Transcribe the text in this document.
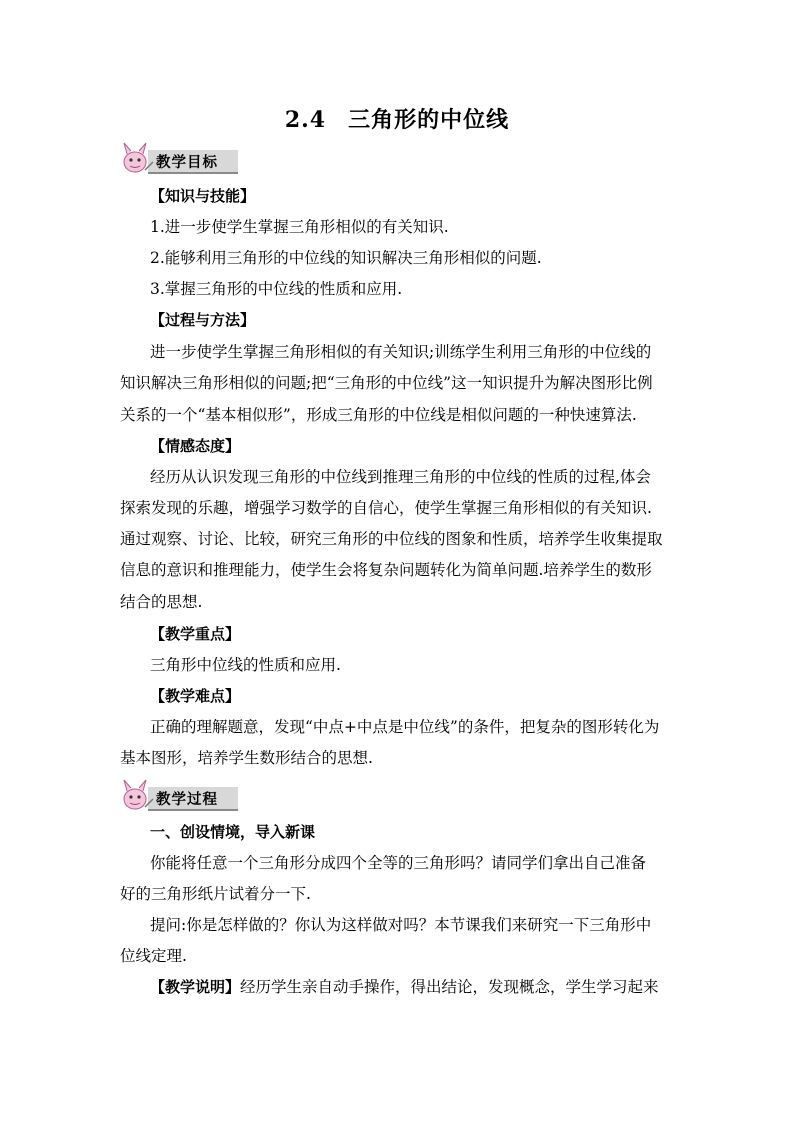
2.4 三角形的中位线
教学目标
【知识与技能】
1.进一步使学生掌握三角形相似的有关知识.
2.能够利用三角形的中位线的知识解决三角形相似的问题.
3.掌握三角形的中位线的性质和应用.
【过程与方法】
进一步使学生掌握三角形相似的有关知识;训练学生利用三角形的中位线的
知识解决三角形相似的问题;把“三角形的中位线”这一知识提升为解决图形比例
关系的一个“基本相似形”，形成三角形的中位线是相似问题的一种快速算法.
【情感态度】
经历从认识发现三角形的中位线到推理三角形的中位线的性质的过程,体会
探索发现的乐趣，增强学习数学的自信心，使学生掌握三角形相似的有关知识.
通过观察、讨论、比较，研究三角形的中位线的图象和性质，培养学生收集提取
信息的意识和推理能力，使学生会将复杂问题转化为简单问题.培养学生的数形
结合的思想.
【教学重点】
三角形中位线的性质和应用.
【教学难点】
正确的理解题意，发现“中点+中点是中位线”的条件，把复杂的图形转化为
基本图形，培养学生数形结合的思想.
教学过程
一、创设情境，导入新课
你能将任意一个三角形分成四个全等的三角形吗？请同学们拿出自己准备
好的三角形纸片试着分一下.
提问:你是怎样做的？你认为这样做对吗？本节课我们来研究一下三角形中
位线定理.
【教学说明】经历学生亲自动手操作，得出结论，发现概念，学生学习起来
